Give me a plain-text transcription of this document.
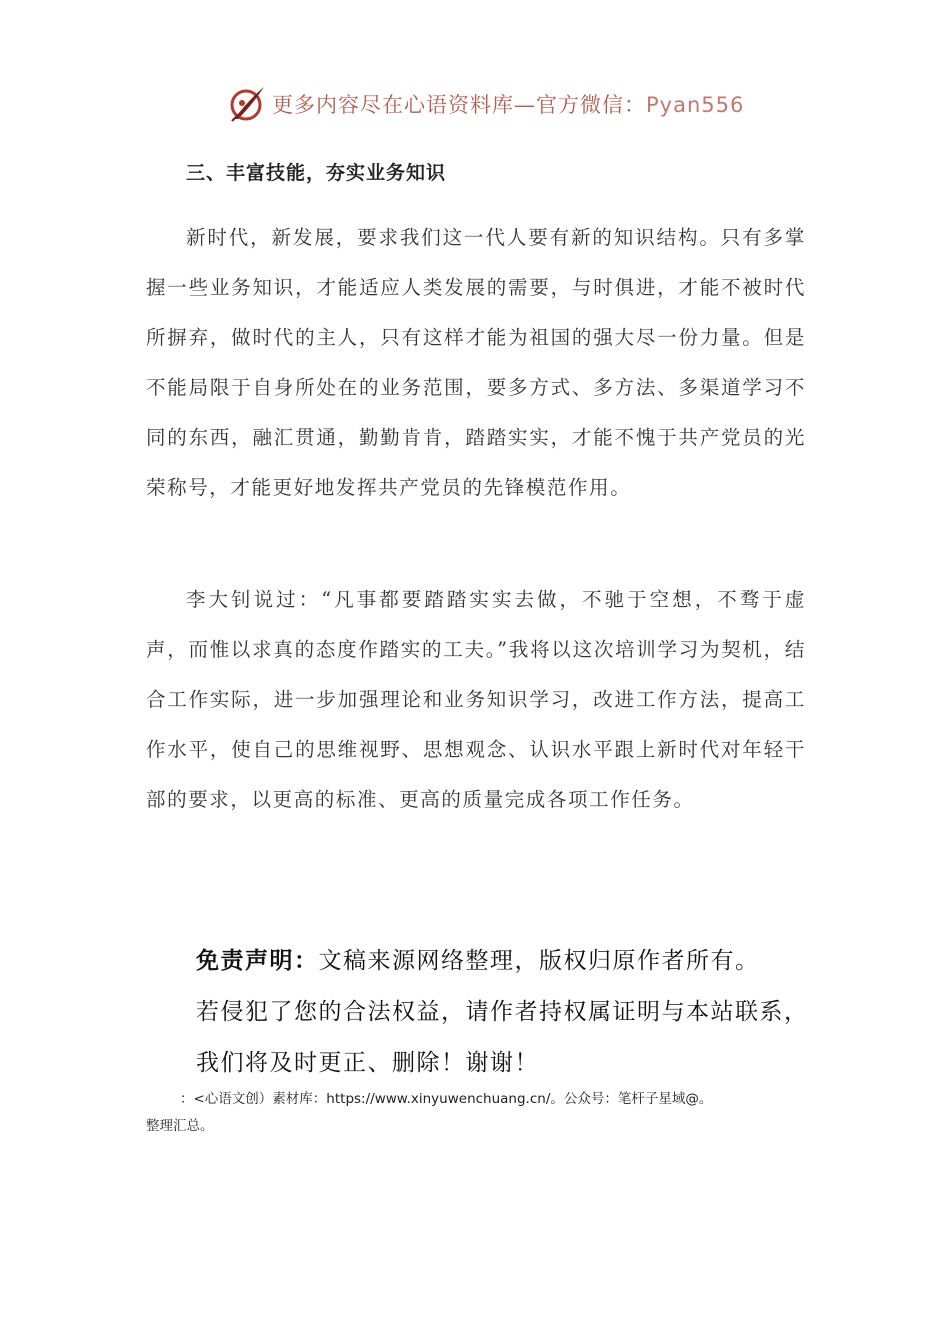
更多内容尽在心语资料库—官方微信：Pyan556
三、丰富技能，夯实业务知识

新时代，新发展，要求我们这一代人要有新的知识结构。只有多掌握一些业务知识，才能适应人类发展的需要，与时俱进，才能不被时代所摒弃，做时代的主人，只有这样才能为祖国的强大尽一份力量。但是不能局限于自身所处在的业务范围，要多方式、多方法、多渠道学习不同的东西，融汇贯通，勤勤肯肯，踏踏实实，才能不愧于共产党员的光荣称号，才能更好地发挥共产党员的先锋模范作用。

李大钊说过：“凡事都要踏踏实实去做，不驰于空想，不骛于虚声，而惟以求真的态度作踏实的工夫。”我将以这次培训学习为契机，结合工作实际，进一步加强理论和业务知识学习，改进工作方法，提高工作水平，使自己的思维视野、思想观念、认识水平跟上新时代对年轻干部的要求，以更高的标准、更高的质量完成各项工作任务。

免责声明：文稿来源网络整理，版权归原作者所有。
若侵犯了您的合法权益，请作者持权属证明与本站联系，我们将及时更正、删除！谢谢！

：<心语文创）素材库：https://www.xinyuwenchuang.cn/。公众号：笔杆子星域@。
整理汇总。
